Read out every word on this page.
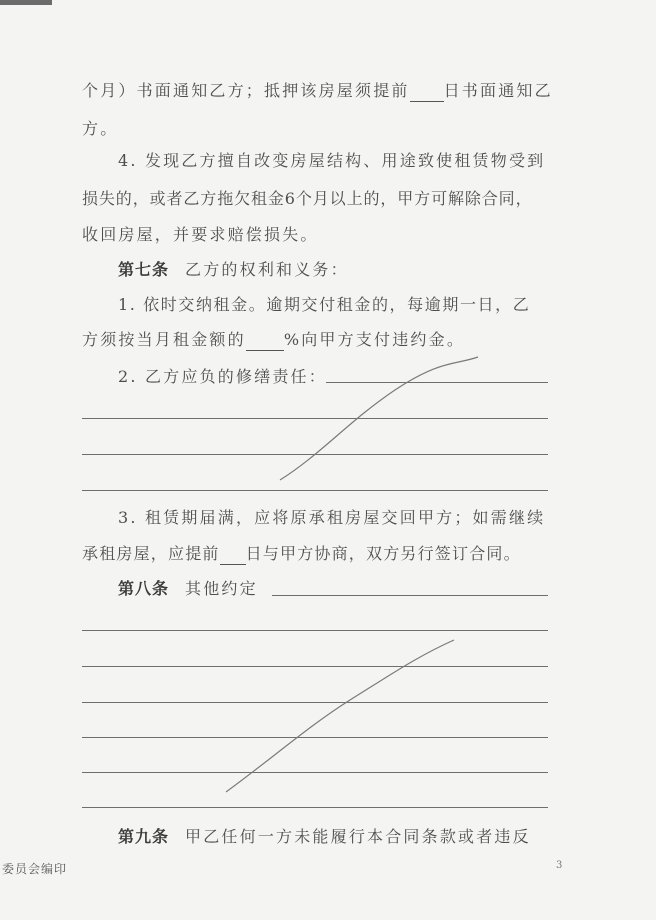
个月）书面通知乙方；抵押该房屋须提前 日书面通知乙
方。
4. 发现乙方擅自改变房屋结构、用途致使租赁物受到
损失的，或者乙方拖欠租金6个月以上的，甲方可解除合同，
收回房屋，并要求赔偿损失。
第七条 乙方的权利和义务：
1. 依时交纳租金。逾期交付租金的，每逾期一日，乙
方须按当月租金额的 %向甲方支付违约金。
2. 乙方应负的修缮责任：
3. 租赁期届满，应将原承租房屋交回甲方；如需继续
承租房屋，应提前 日与甲方协商，双方另行签订合同。
第八条 其他约定
第九条 甲乙任何一方未能履行本合同条款或者违反
委员会编印	3
